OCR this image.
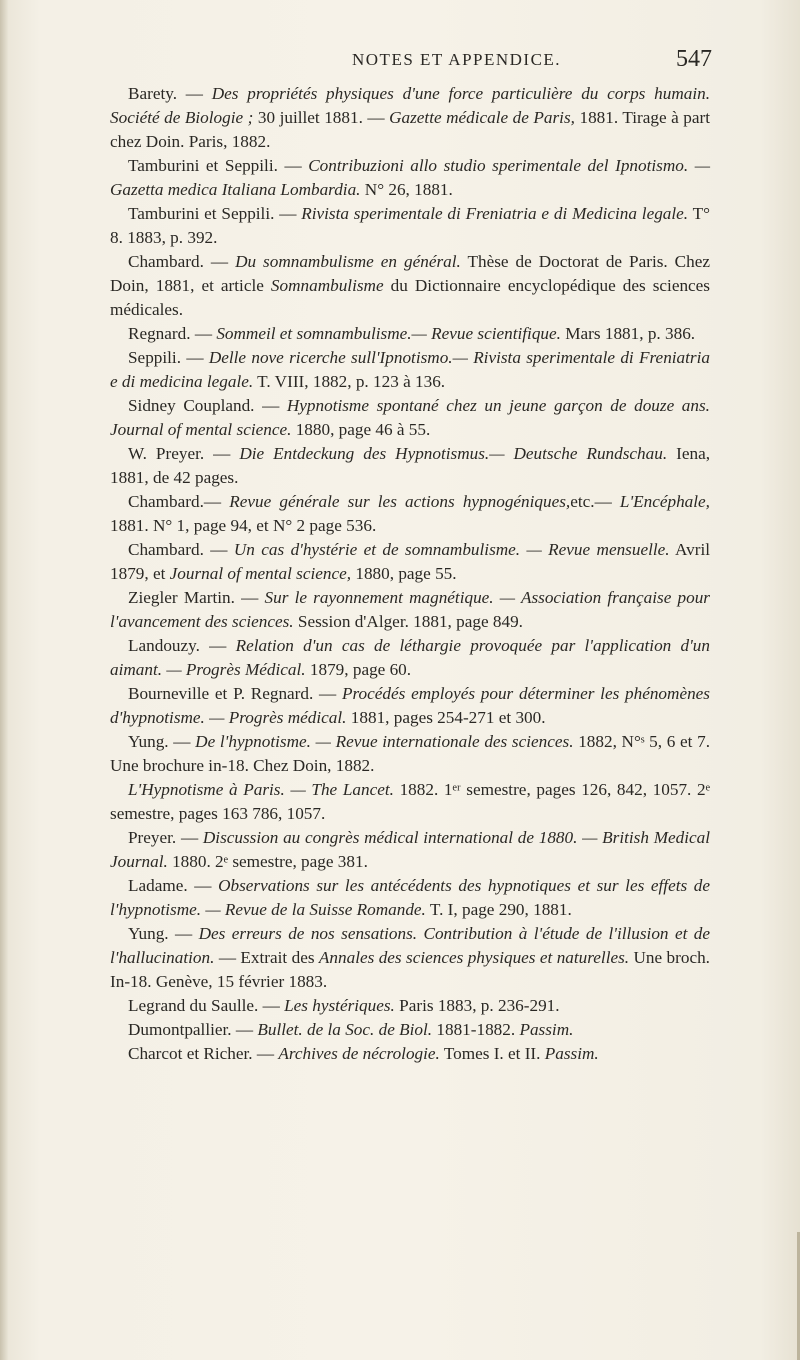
NOTES ET APPENDICE.	547

Barety. — Des propriétés physiques d'une force particulière du corps humain. Société de Biologie ; 30 juillet 1881. — Gazette médicale de Paris, 1881. Tirage à part chez Doin. Paris, 1882.

Tamburini et Seppili. — Contribuzioni allo studio sperimentale del Ipnotismo. — Gazetta medica Italiana Lombardia. N° 26, 1881.

Tamburini et Seppili. — Rivista sperimentale di Freniatria e di Medicina legale. T° 8. 1883, p. 392.

Chambard. — Du somnambulisme en général. Thèse de Doctorat de Paris. Chez Doin, 1881, et article Somnambulisme du Dictionnaire encyclopédique des sciences médicales.

Regnard. — Sommeil et somnambulisme.— Revue scientifique. Mars 1881, p. 386.

Seppili. — Delle nove ricerche sull'Ipnotismo.— Rivista sperimentale di Freniatria e di medicina legale. T. VIII, 1882, p. 123 à 136.

Sidney Coupland. — Hypnotisme spontané chez un jeune garçon de douze ans. Journal of mental science. 1880, page 46 à 55.

W. Preyer. — Die Entdeckung des Hypnotismus.— Deutsche Rundschau. Iena, 1881, de 42 pages.

Chambard.— Revue générale sur les actions hypnogéniques,etc.— L'Encéphale, 1881. N° 1, page 94, et N° 2 page 536.

Chambard. — Un cas d'hystérie et de somnambulisme. — Revue mensuelle. Avril 1879, et Journal of mental science, 1880, page 55.

Ziegler Martin. — Sur le rayonnement magnétique. — Association française pour l'avancement des sciences. Session d'Alger. 1881, page 849.

Landouzy. — Relation d'un cas de léthargie provoquée par l'application d'un aimant. — Progrès Médical. 1879, page 60.

Bourneville et P. Regnard. — Procédés employés pour déterminer les phénomènes d'hypnotisme. — Progrès médical. 1881, pages 254-271 et 300.

Yung. — De l'hypnotisme. — Revue internationale des sciences. 1882, N°ˢ 5, 6 et 7. Une brochure in-18. Chez Doin, 1882.

L'Hypnotisme à Paris. — The Lancet. 1882. 1ᵉʳ semestre, pages 126, 842, 1057. 2ᵉ semestre, pages 163 786, 1057.

Preyer. — Discussion au congrès médical international de 1880. — British Medical Journal. 1880. 2ᵉ semestre, page 381.

Ladame. — Observations sur les antécédents des hypnotiques et sur les effets de l'hypnotisme. — Revue de la Suisse Romande. T. I, page 290, 1881.

Yung. — Des erreurs de nos sensations. Contribution à l'étude de l'illusion et de l'hallucination. — Extrait des Annales des sciences physiques et naturelles. Une broch. In-18. Genève, 15 février 1883.

Legrand du Saulle. — Les hystériques. Paris 1883, p. 236-291.

Dumontpallier. — Bullet. de la Soc. de Biol. 1881-1882. Passim.

Charcot et Richer. — Archives de nécrologie. Tomes I. et II. Passim.
